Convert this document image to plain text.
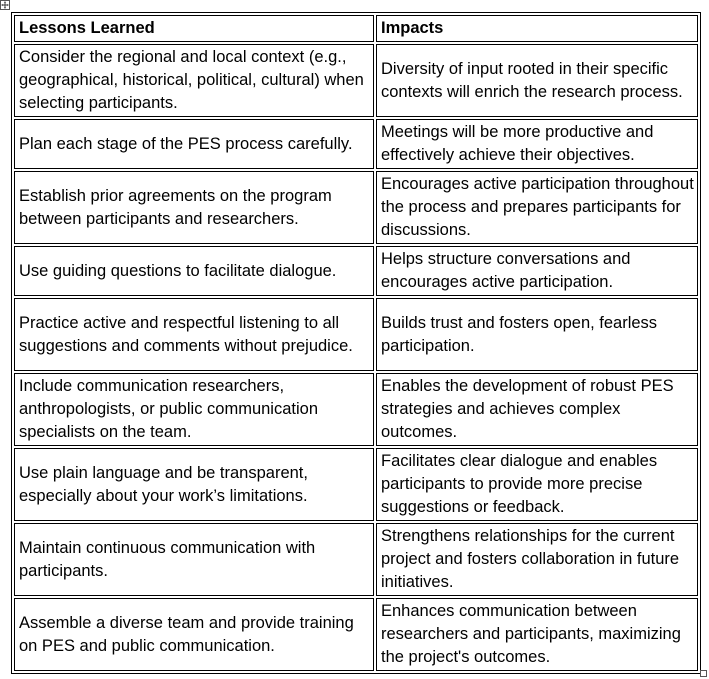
Lessons Learned	Impacts
Consider the regional and local context (e.g., geographical, historical, political, cultural) when selecting participants.	Diversity of input rooted in their specific contexts will enrich the research process.
Plan each stage of the PES process carefully.	Meetings will be more productive and effectively achieve their objectives.
Establish prior agreements on the program between participants and researchers.	Encourages active participation throughout the process and prepares participants for discussions.
Use guiding questions to facilitate dialogue.	Helps structure conversations and encourages active participation.
Practice active and respectful listening to all suggestions and comments without prejudice.	Builds trust and fosters open, fearless participation.
Include communication researchers, anthropologists, or public communication specialists on the team.	Enables the development of robust PES strategies and achieves complex outcomes.
Use plain language and be transparent, especially about your work’s limitations.	Facilitates clear dialogue and enables participants to provide more precise suggestions or feedback.
Maintain continuous communication with participants.	Strengthens relationships for the current project and fosters collaboration in future initiatives.
Assemble a diverse team and provide training on PES and public communication.	Enhances communication between researchers and participants, maximizing the project's outcomes.
